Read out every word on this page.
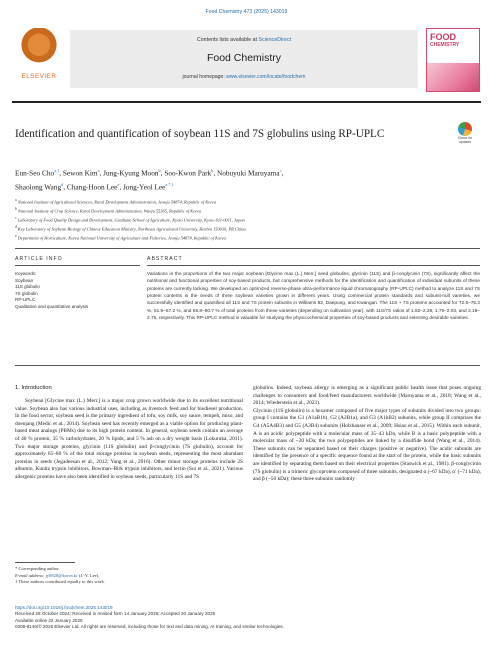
Food Chemistry 473 (2025) 143019
ELSEVIER
Contents lists available at ScienceDirect
Food Chemistry
journal homepage: www.elsevier.com/locate/foodchem
FOOD
CHEMISTRY
Identification and quantification of soybean 11S and 7S globulins using RP-UPLC	Check for updates
Eun-Seo Cho$^{a,1}$, Sewon Kim$^a$, Jung-Kyung Moon$^b$, Soo-Kwon Park$^b$, Nobuyuki Maruyama$^c$,
Shaolong Wang$^d$, Chang-Hoon Lee$^e$, Jong-Yeol Lee$^{a,*,1}$
$^a$ National Institute of Agricultural Sciences, Rural Development Administration, Jeonju 54874, Republic of Korea
$^b$ National Institute of Crop Science, Rural Development Administration, Wanju 55365, Republic of Korea
$^c$ Laboratory of Food Quality Design and Development, Graduate School of Agriculture, Kyoto University, Kyoto 611-0011, Japan
$^d$ Key Laboratory of Soybean Biology of Chinese Education Ministry, Northeast Agricultural University, Harbin 150030, PR China
$^e$ Department of Horticulture, Korea National University of Agriculture and Fisheries, Jeonju 54874, Republic of Korea
ARTICLE INFO	ABSTRACT
Keywords:
Soybean
11S globulin
7S globulin
RP-UPLC
Qualitative and quantitative analysis
Variations in the proportions of the two major soybean [Glycine max (L.) Merr.] seed globulins, glycinin (11S) and β-conglycinin (7S), significantly affect the nutritional and functional properties of soy-based products, but comprehensive methods for the identification and quantification of individual subunits of these proteins are currently lacking. We developed an optimized reverse-phase ultra-performance liquid chromatography (RP-UPLC) method to analyze 11S and 7S protein contents in the seeds of three soybean varieties grown in different years. Using commercial protein standards and subunit-null varieties, we successfully identified and quantified all 11S and 7S protein subunits in Williams 82, Daepung, and Kwangan. The 11S + 7S proteins accounted for 72.6–76.2 %, 61.9–67.2 %, and 65.8–80.7 % of total proteins from these varieties (depending on cultivation year), with 11S/7S ratios of 1.82–2.28, 1.79–2.03, and 2.18–2.75, respectively. This RP-UPLC method is valuable for studying the physicochemical properties of soy-based products and selecting desirable varieties.
1. Introduction
Soybean [Glycine max (L.) Merr.] is a major crop grown worldwide due to its excellent nutritional value. Soybean also has various industrial uses, including as livestock feed and for biodiesel production. In the food sector, soybean seed is the primary ingredient of tofu, soy milk, soy sauce, tempeh, miso, and doenjang (Medic et al., 2014). Soybean seed has recently emerged as a viable option for producing plant-based meat analogs (PBMs) due to its high protein content. In general, soybean seeds contain an average of 40 % protein, 35 % carbohydrates, 20 % lipids, and 5 % ash on a dry weight basis (Lokuruka, 2011). Two major storage proteins, glycinin (11S globulin) and β-conglycinin (7S globulin), account for approximately 65–80 % of the total storage proteins in soybean seeds, representing the most abundant proteins in seeds (Jegadeesan et al., 2012; Yang et al., 2016). Other minor storage proteins include 2S albumin, Kunitz trypsin inhibitors, Bowman–Birk trypsin inhibitors, and lectin (Sui et al., 2021). Various allergenic proteins have also been identified in soybean seeds, particularly 11S and 7S
globulins. Indeed, soybean allergy is emerging as a significant public health issue that poses ongoing challenges to consumers and food/feed manufacturers worldwide (Maruyama et al., 2018; Wang et al., 2014; Wiederstein et al., 2023).
Glycinin (11S globulin) is a hexamer composed of five major types of subunits divided into two groups: group I contains the G1 (A1aB1b), G2 (A2B1a), and G3 (A1bB2) subunits, while group II comprises the G4 (A5A4B3) and G5 (A3B4) subunits (Holzhauser et al., 2009; Hsiao et al., 2015). Within each subunit, A is an acidic polypeptide with a molecular mass of 35–43 kDa, while B is a basic polypeptide with a molecular mass of ~20 kDa; the two polypeptides are linked by a disulfide bond (Wang et al., 2014). These subunits can be separated based on their charges (positive or negative). The acidic subunits are identified by the presence of a specific sequence found at the start of the protein, while the basic subunits are identified by separating them based on their electrical properties (Staswick et al., 1981). β-conglycinin (7S globulin) is a trimeric glycoprotein composed of three subunits, designated α (~67 kDa), α′ (~71 kDa), and β (~50 kDa); these three subunits randomly
* Corresponding author.
E-mail address: jy0820@korea.kr (J.-Y. Lee).
1 These authors contributed equally to this work.
https://doi.org/10.1016/j.foodchem.2025.143019
Received 28 October 2024; Received in revised form 14 January 2025; Accepted 20 January 2025
Available online 22 January 2025
0308-8146/© 2025 Elsevier Ltd. All rights are reserved, including those for text and data mining, AI training, and similar technologies.
